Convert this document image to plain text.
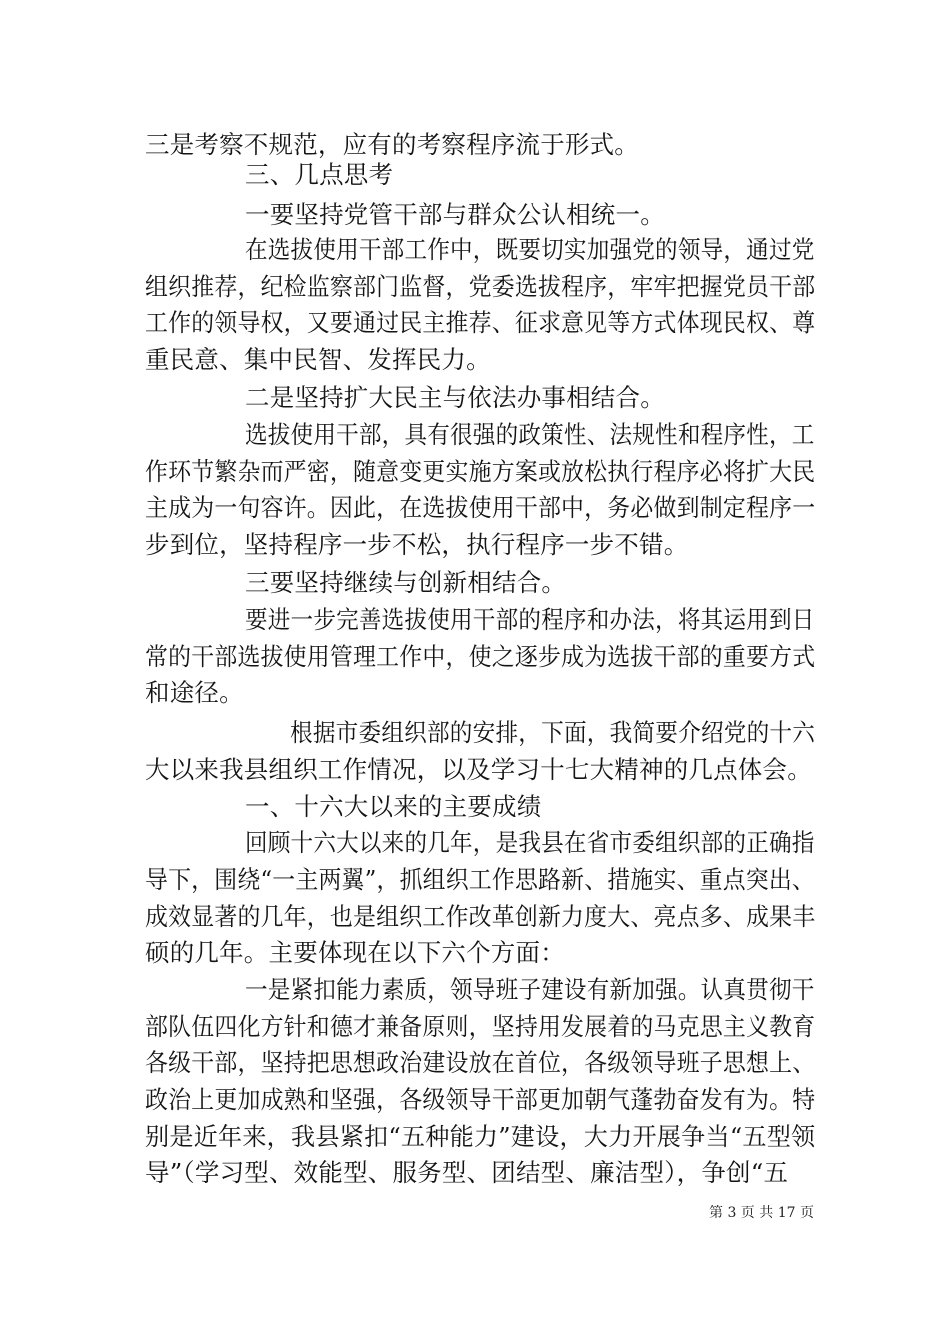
三是考察不规范，应有的考察程序流于形式。
三、几点思考
一要坚持党管干部与群众公认相统一。
在选拔使用干部工作中，既要切实加强党的领导，通过党
组织推荐，纪检监察部门监督，党委选拔程序，牢牢把握党员干部
工作的领导权，又要通过民主推荐、征求意见等方式体现民权、尊
重民意、集中民智、发挥民力。
二是坚持扩大民主与依法办事相结合。
选拔使用干部，具有很强的政策性、法规性和程序性，工
作环节繁杂而严密，随意变更实施方案或放松执行程序必将扩大民
主成为一句容许。因此，在选拔使用干部中，务必做到制定程序一
步到位，坚持程序一步不松，执行程序一步不错。
三要坚持继续与创新相结合。
要进一步完善选拔使用干部的程序和办法，将其运用到日
常的干部选拔使用管理工作中，使之逐步成为选拔干部的重要方式
和途径。
根据市委组织部的安排，下面，我简要介绍党的十六
大以来我县组织工作情况，以及学习十七大精神的几点体会。
一、十六大以来的主要成绩
回顾十六大以来的几年，是我县在省市委组织部的正确指
导下，围绕“一主两翼”，抓组织工作思路新、措施实、重点突出、
成效显著的几年，也是组织工作改革创新力度大、亮点多、成果丰
硕的几年。主要体现在以下六个方面：
一是紧扣能力素质，领导班子建设有新加强。认真贯彻干
部队伍四化方针和德才兼备原则，坚持用发展着的马克思主义教育
各级干部，坚持把思想政治建设放在首位，各级领导班子思想上、
政治上更加成熟和坚强，各级领导干部更加朝气蓬勃奋发有为。特
别是近年来，我县紧扣“五种能力”建设，大力开展争当“五型领
导”（学习型、效能型、服务型、团结型、廉洁型），争创“五
第 3 页 共 17 页
